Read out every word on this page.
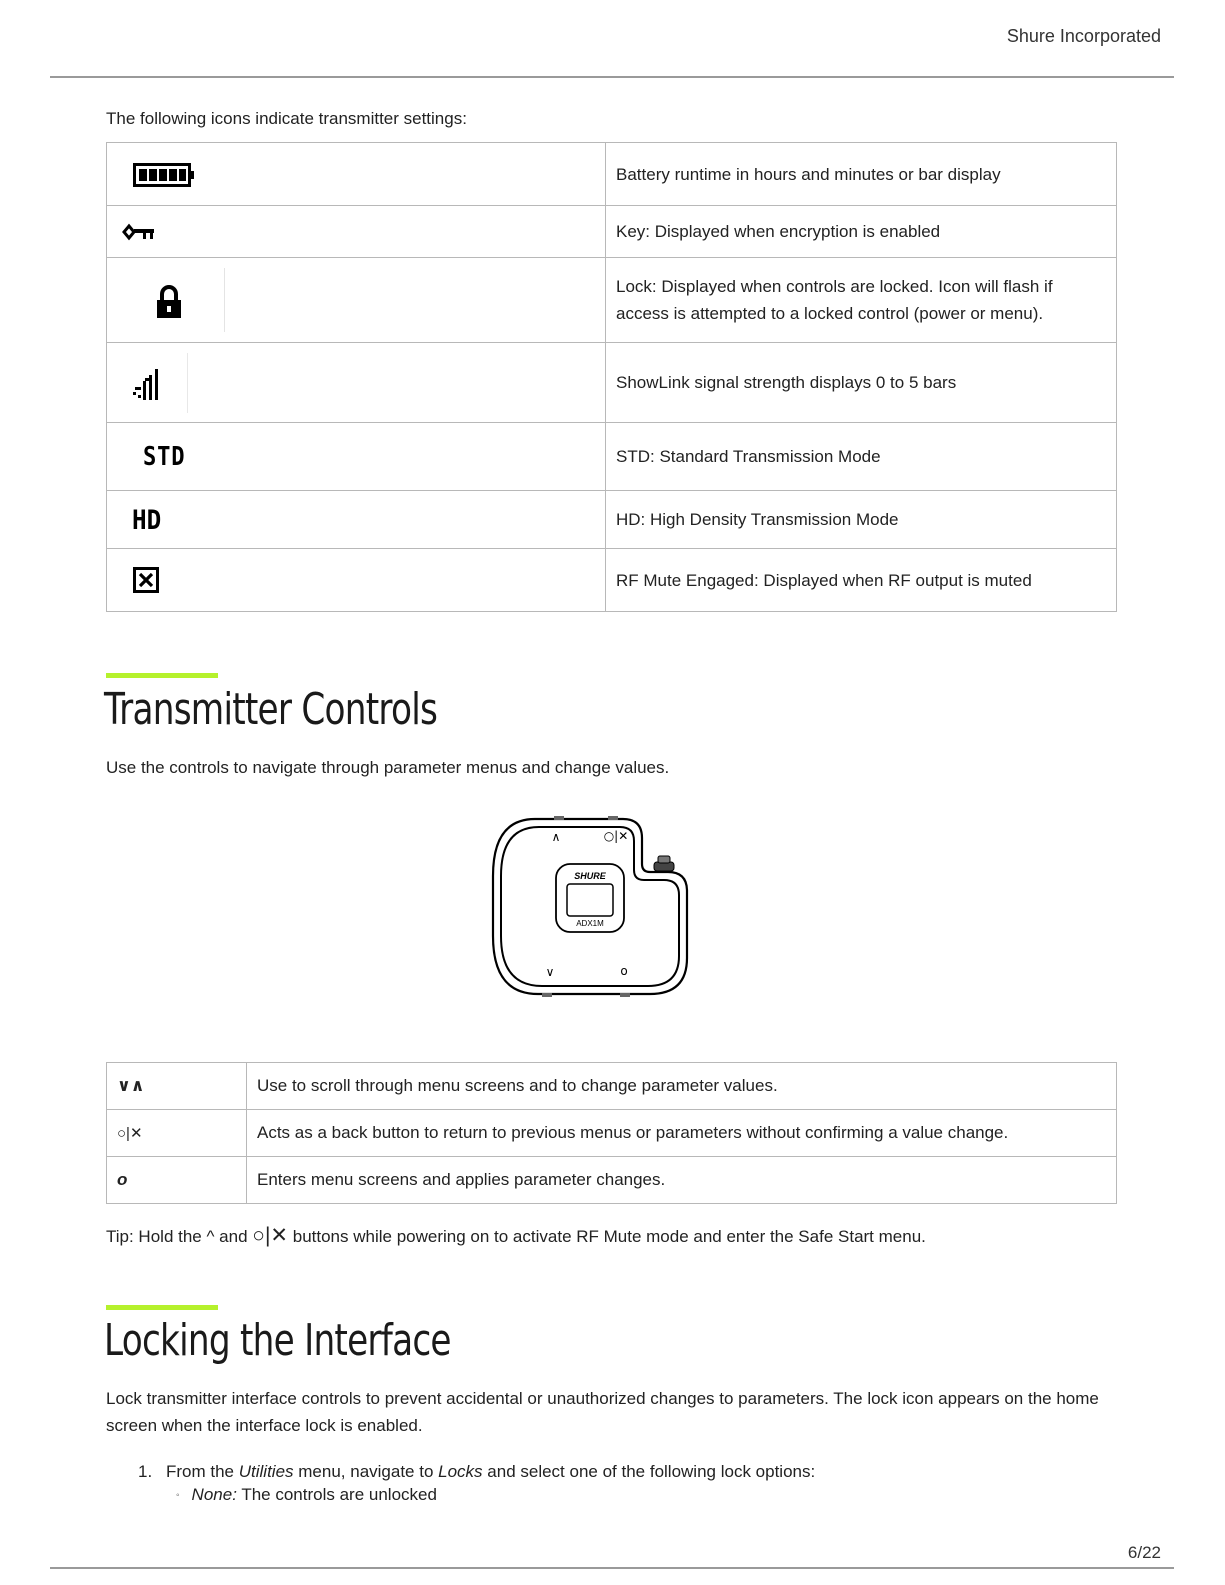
Shure Incorporated
The following icons indicate transmitter settings:
	Battery runtime in hours and minutes or bar display

	Key: Displayed when encryption is enabled

	Lock: Displayed when controls are locked. Icon will flash if access is attempted to a locked control (power or menu).

	ShowLink signal strength displays 0 to 5 bars

STD	STD: Standard Transmission Mode

HD	HD: High Density Transmission Mode

	RF Mute Engaged: Displayed when RF output is muted
Transmitter Controls
Use the controls to navigate through parameter menus and change values.
SHURE
ADX1M
∧	○|✕
∨	o
∨∧	Use to scroll through menu screens and to change parameter values.
○|✕	Acts as a back button to return to previous menus or parameters without confirming a value change.
o	Enters menu screens and applies parameter changes.
Tip: Hold the ^ and ○|✕ buttons while powering on to activate RF Mute mode and enter the Safe Start menu.
Locking the Interface
Lock transmitter interface controls to prevent accidental or unauthorized changes to parameters. The lock icon appears on the home screen when the interface lock is enabled.
1. From the Utilities menu, navigate to Locks and select one of the following lock options:
◦ None: The controls are unlocked
6/22
